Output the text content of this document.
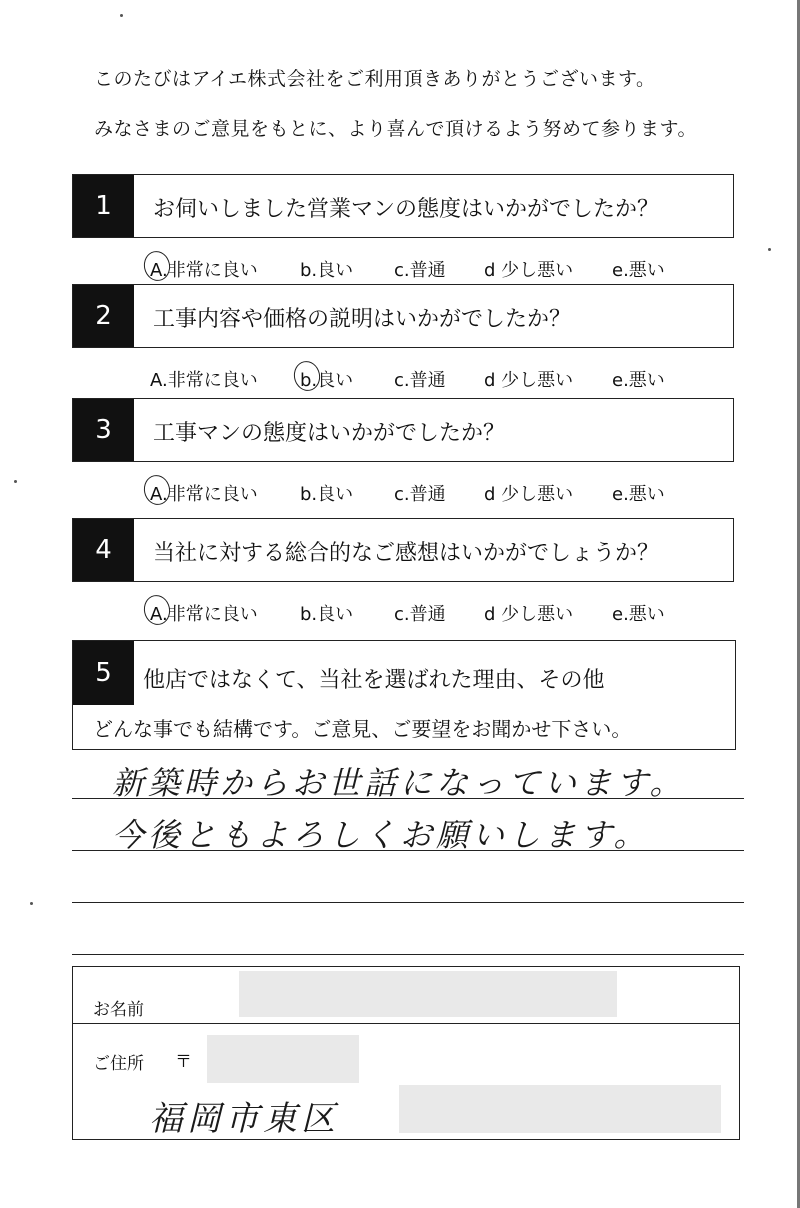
このたびはアイエ株式会社をご利用頂きありがとうございます。
みなさまのご意見をもとに、より喜んで頂けるよう努めて参ります。
1	お伺いしました営業マンの態度はいかがでしたか？
A.非常に良い b.良い c.普通 d 少し悪い e.悪い
2	工事内容や価格の説明はいかがでしたか？
A.非常に良い b.良い c.普通 d 少し悪い e.悪い
3	工事マンの態度はいかがでしたか？
A.非常に良い b.良い c.普通 d 少し悪い e.悪い
4	当社に対する総合的なご感想はいかがでしょうか？
A.非常に良い b.良い c.普通 d 少し悪い e.悪い
5	他店ではなくて、当社を選ばれた理由、その他
どんな事でも結構です。ご意見、ご要望をお聞かせ下さい。
新築時からお世話になっています。
今後ともよろしくお願いします。
お名前
ご住所 〒
福岡市東区
